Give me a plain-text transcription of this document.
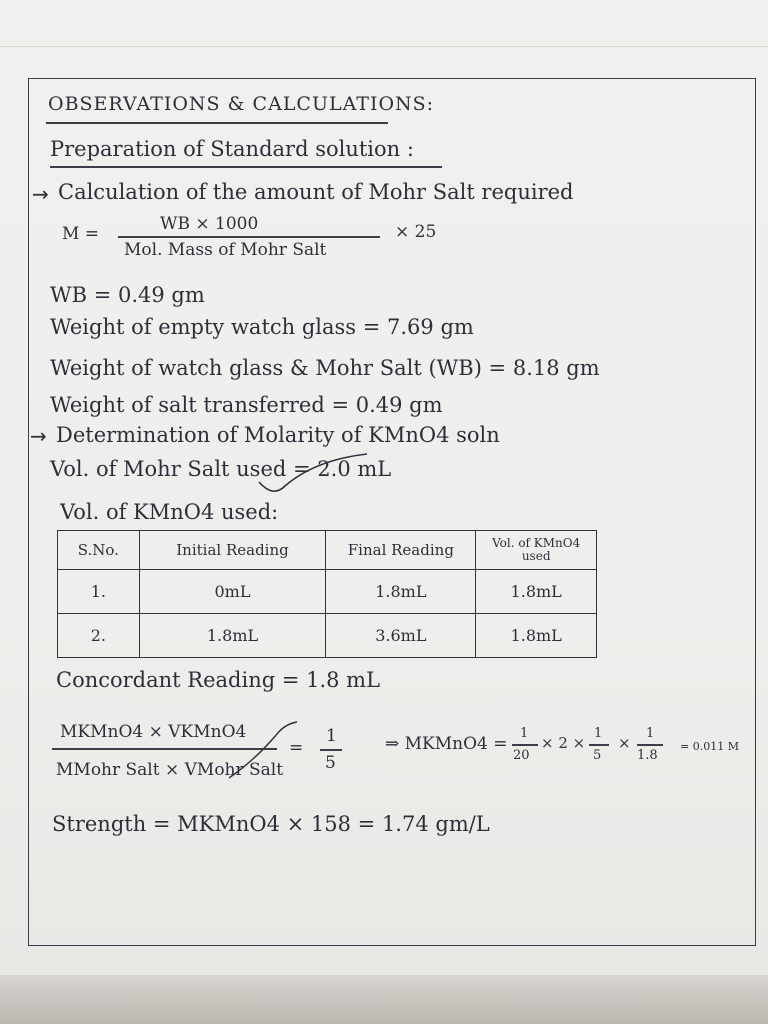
OBSERVATIONS & CALCULATIONS:
Preparation of Standard solution :
→ Calculation of the amount of Mohr Salt required
M =	WB × 1000
Mol. Mass of Mohr Salt
× 25
WB = 0.49 gm
Weight of empty watch glass = 7.69 gm
Weight of watch glass & Mohr Salt (WB) = 8.18 gm
Weight of salt transferred = 0.49 gm
→ Determination of Molarity of KMnO4 soln
Vol. of Mohr Salt used = 2.0 mL
Vol. of KMnO4 used:
S.No.	Initial Reading	Final Reading	Vol. of KMnO4 used
1.	0mL	1.8mL	1.8mL
2.	1.8mL	3.6mL	1.8mL
Concordant Reading = 1.8 mL
MKMnO4 × VKMnO4
MMohr Salt × VMohr Salt
=
1
5
⇒ MKMnO4 =
1
20
× 2 ×
1
5
×
1
1.8
= 0.011 M
Strength = MKMnO4 × 158 = 1.74 gm/L
